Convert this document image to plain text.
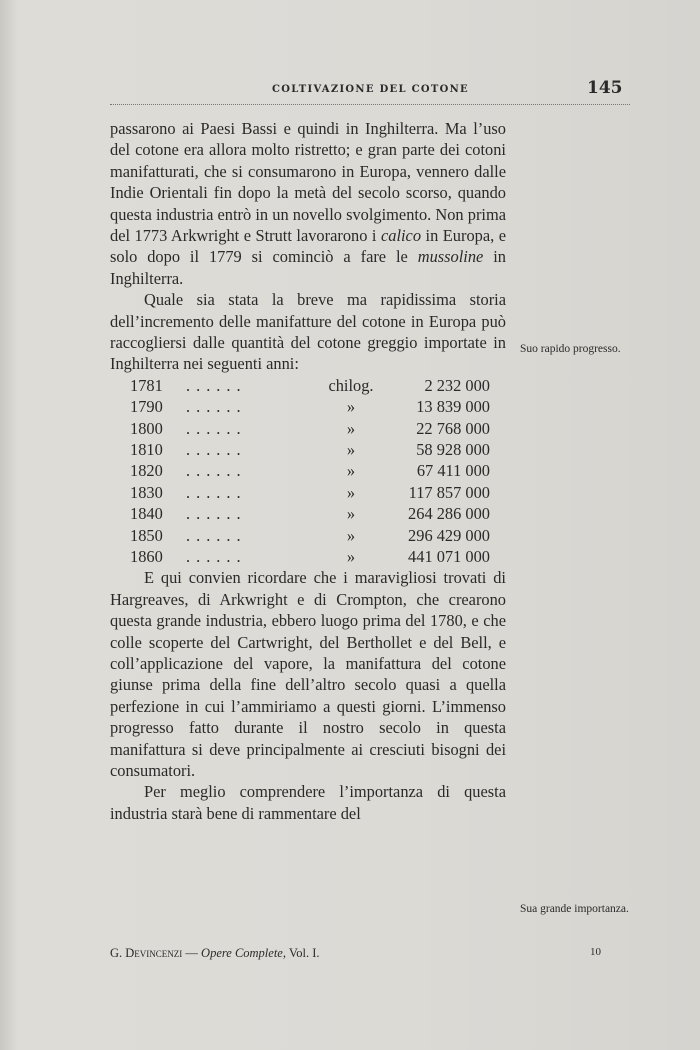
COLTIVAZIONE DEL COTONE	145

passarono ai Paesi Bassi e quindi in Inghilterra. Ma l’uso del cotone era allora molto ristretto; e gran parte dei cotoni manifatturati, che si consumarono in Europa, vennero dalle Indie Orientali fin dopo la metà del secolo scorso, quando questa industria entrò in un novello svolgimento. Non prima del 1773 Arkwright e Strutt lavorarono i calico in Europa, e solo dopo il 1779 si cominciò a fare le mussoline in Inghilterra.

Quale sia stata la breve ma rapidissima storia dell’incremento delle manifatture del cotone in Europa può raccogliersi dalle quantità del cotone greggio importate in Inghilterra nei seguenti anni:

1781	......	chilog.	2 232 000
1790	......	»	13 839 000
1800	......	»	22 768 000
1810	......	»	58 928 000
1820	......	»	67 411 000
1830	......	»	117 857 000
1840	......	»	264 286 000
1850	......	»	296 429 000
1860	......	»	441 071 000

E qui convien ricordare che i maravigliosi trovati di Hargreaves, di Arkwright e di Crompton, che crearono questa grande industria, ebbero luogo prima del 1780, e che colle scoperte del Cartwright, del Berthollet e del Bell, e coll’applicazione del vapore, la manifattura del cotone giunse prima della fine dell’altro secolo quasi a quella perfezione in cui l’ammiriamo a questi giorni. L’immenso progresso fatto durante il nostro secolo in questa manifattura si deve principalmente ai cresciuti bisogni dei consumatori.

Per meglio comprendere l’importanza di questa industria starà bene di rammentare del

Suo rapido progresso.
Sua grande importanza.
G. Devincenzi — Opere Complete, Vol. I.	10
